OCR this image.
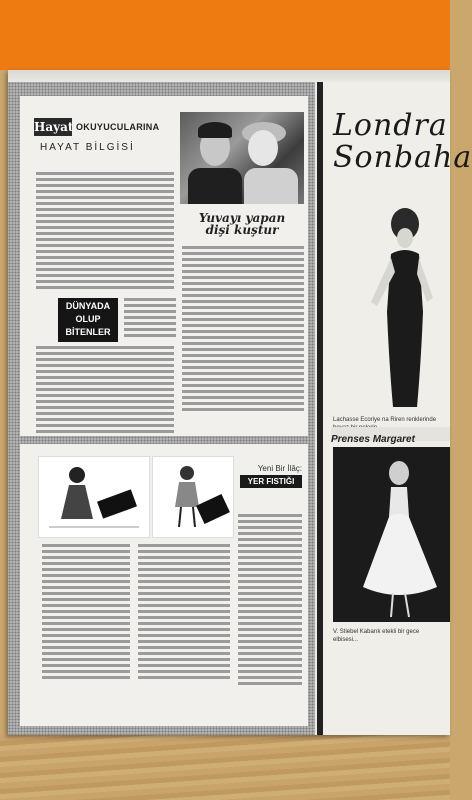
Hayat OKUYUCULARINA
HAYAT BİLGİSİ
DÜNYADA
OLUP
BİTENLER
Yuvayı yapan dişi kuştur
Yeni Bir İlâç:
YER FISTIĞI
Londra
Sonbaha
Lachasse Ecoriye na Riren renklerinde
Prenses Margaret
V. Stiebel Kabarık etekli bir gece elbisesi...
